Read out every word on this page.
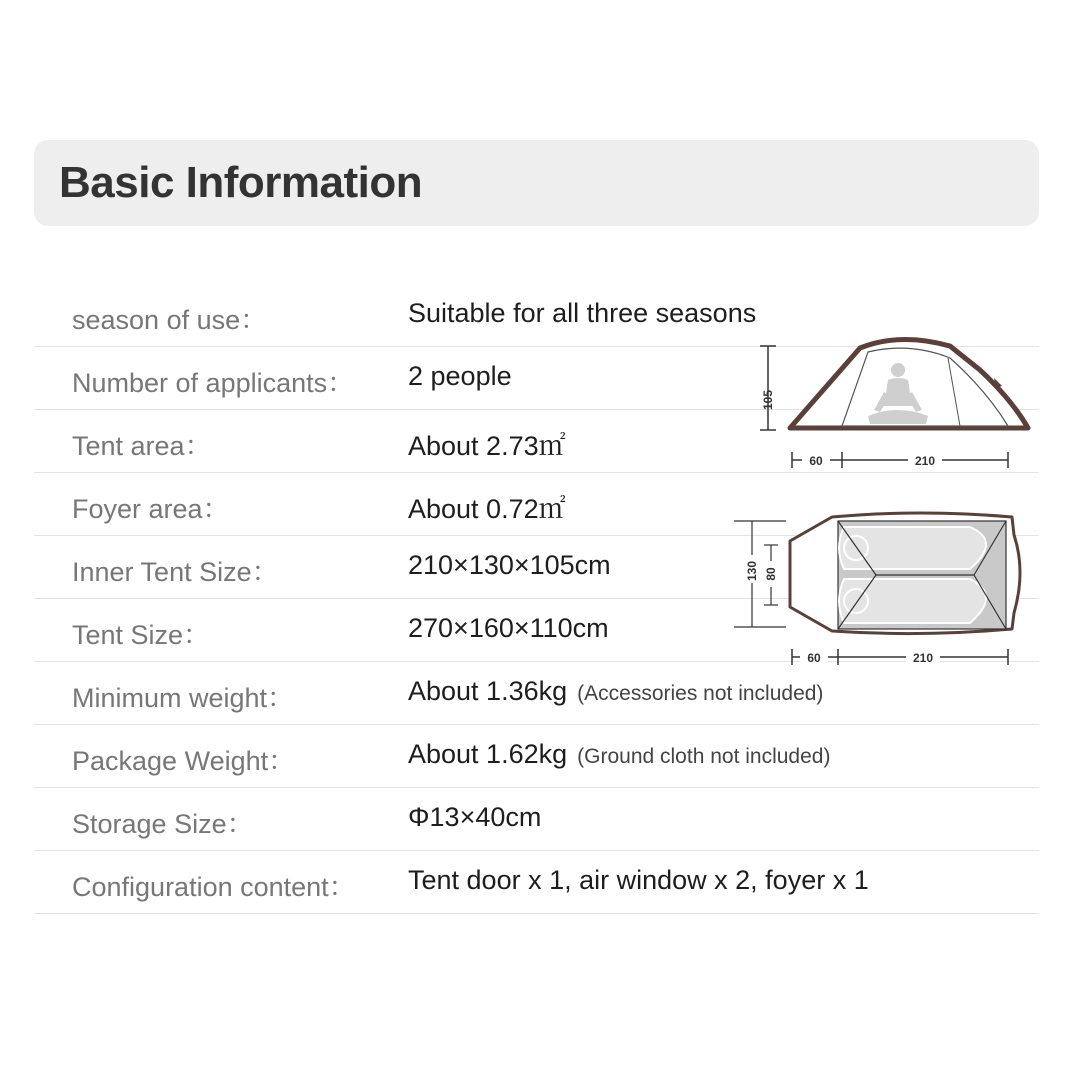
Basic Information
season of use：	Suitable for all three seasons
Number of applicants： 2 people
Tent area：	About 2.73㎡
Foyer area：	About 0.72㎡
Inner Tent Size：	210×130×105cm
Tent Size：	270×160×110cm
Minimum weight：	About 1.36kg (Accessories not included)
Package Weight：	About 1.62kg (Ground cloth not included)
Storage Size：	Φ13×40cm
Configuration content： Tent door x 1, air window x 2, foyer x 1
105
60	210
130 80
60	210
